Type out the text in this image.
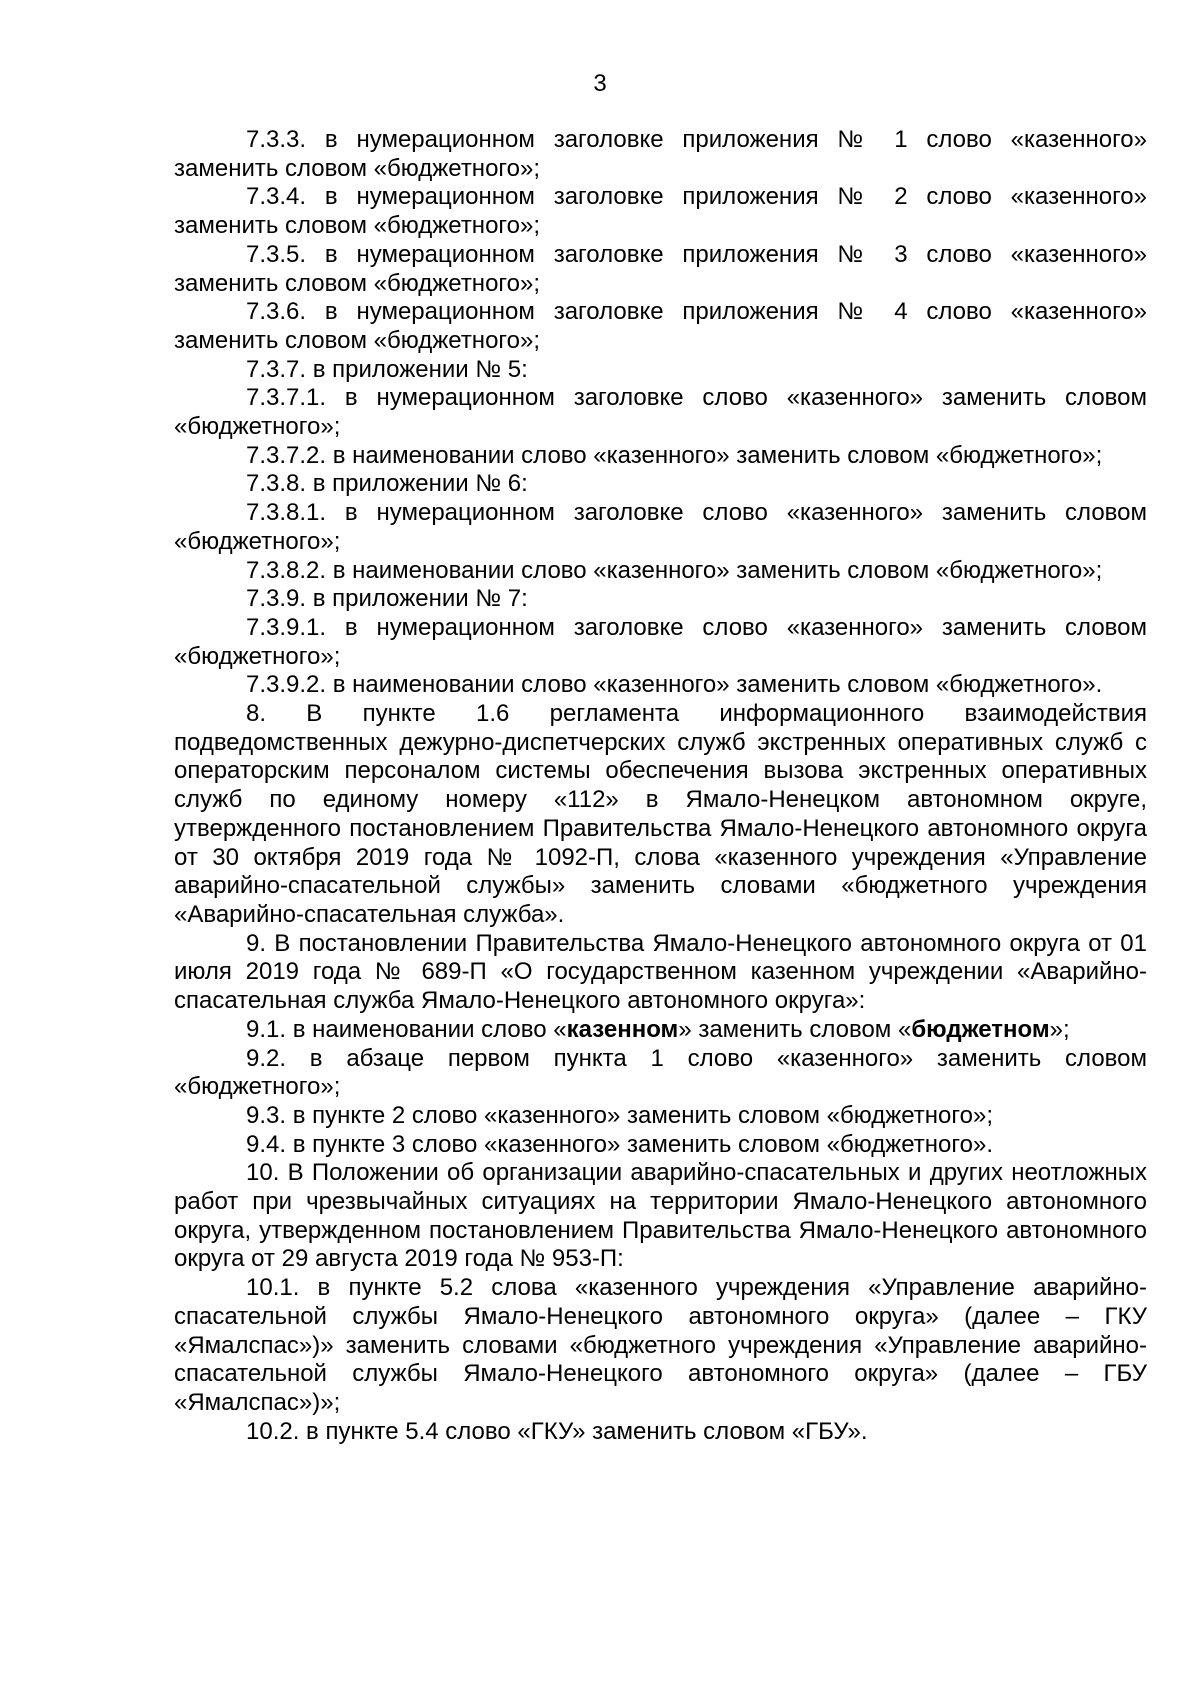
3

7.3.3. в нумерационном заголовке приложения № 1 слово «казенного» заменить словом «бюджетного»;

7.3.4. в нумерационном заголовке приложения № 2 слово «казенного» заменить словом «бюджетного»;

7.3.5. в нумерационном заголовке приложения № 3 слово «казенного» заменить словом «бюджетного»;

7.3.6. в нумерационном заголовке приложения № 4 слово «казенного» заменить словом «бюджетного»;

7.3.7. в приложении № 5:

7.3.7.1. в нумерационном заголовке слово «казенного» заменить словом «бюджетного»;

7.3.7.2. в наименовании слово «казенного» заменить словом «бюджетного»;

7.3.8. в приложении № 6:

7.3.8.1. в нумерационном заголовке слово «казенного» заменить словом «бюджетного»;

7.3.8.2. в наименовании слово «казенного» заменить словом «бюджетного»;

7.3.9. в приложении № 7:

7.3.9.1. в нумерационном заголовке слово «казенного» заменить словом «бюджетного»;

7.3.9.2. в наименовании слово «казенного» заменить словом «бюджетного».

8. В пункте 1.6 регламента информационного взаимодействия подведомственных дежурно-диспетчерских служб экстренных оперативных служб с операторским персоналом системы обеспечения вызова экстренных оперативных служб по единому номеру «112» в Ямало-Ненецком автономном округе, утвержденного постановлением Правительства Ямало-Ненецкого автономного округа от 30 октября 2019 года № 1092-П, слова «казенного учреждения «Управление аварийно-спасательной службы» заменить словами «бюджетного учреждения «Аварийно-спасательная служба».

9. В постановлении Правительства Ямало-Ненецкого автономного округа от 01 июля 2019 года № 689-П «О государственном казенном учреждении «Аварийно-спасательная служба Ямало-Ненецкого автономного округа»:

9.1. в наименовании слово «казенном» заменить словом «бюджетном»;

9.2. в абзаце первом пункта 1 слово «казенного» заменить словом «бюджетного»;

9.3. в пункте 2 слово «казенного» заменить словом «бюджетного»;

9.4. в пункте 3 слово «казенного» заменить словом «бюджетного».

10. В Положении об организации аварийно-спасательных и других неотложных работ при чрезвычайных ситуациях на территории Ямало-Ненецкого автономного округа, утвержденном постановлением Правительства Ямало-Ненецкого автономного округа от 29 августа 2019 года № 953-П:

10.1. в пункте 5.2 слова «казенного учреждения «Управление аварийно-спасательной службы Ямало-Ненецкого автономного округа» (далее – ГКУ «Ямалспас»)» заменить словами «бюджетного учреждения «Управление аварийно-спасательной службы Ямало-Ненецкого автономного округа» (далее – ГБУ «Ямалспас»)»;

10.2. в пункте 5.4 слово «ГКУ» заменить словом «ГБУ».
